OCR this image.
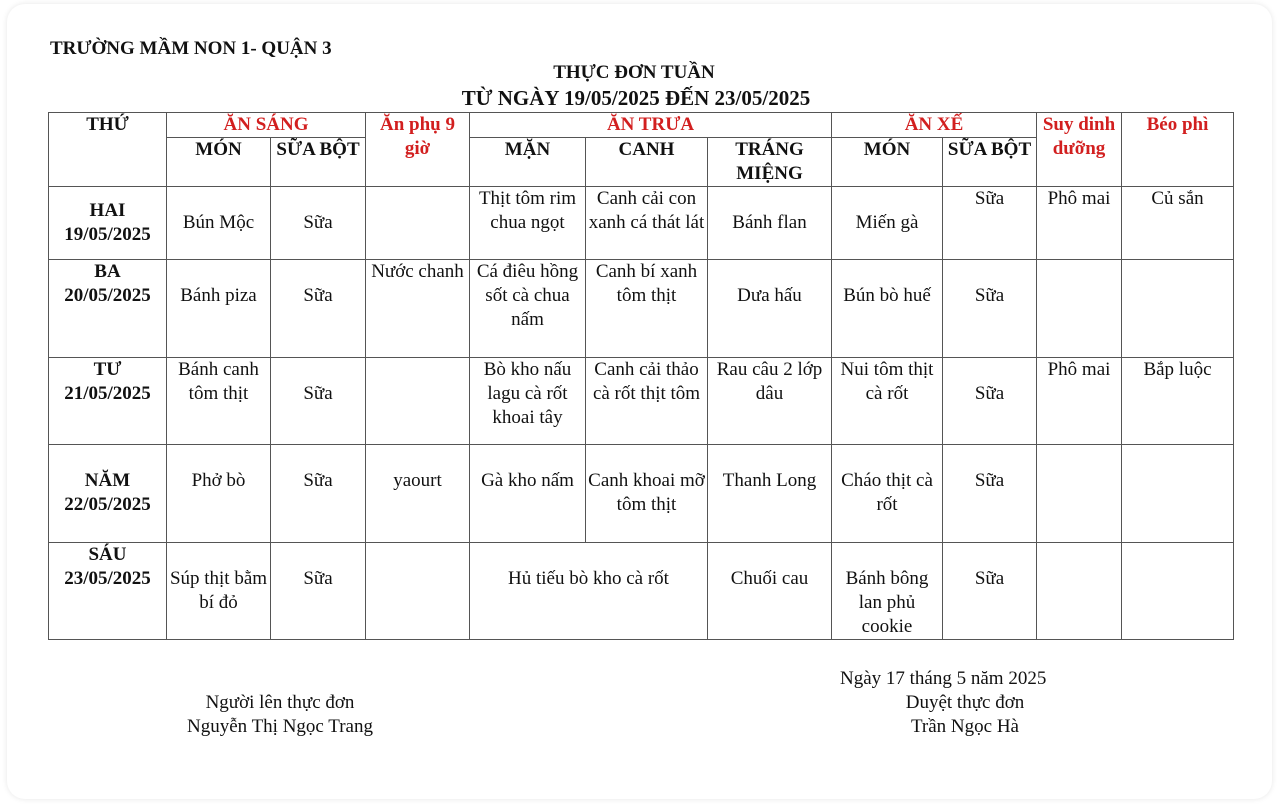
TRƯỜNG MẦM NON 1- QUẬN 3
THỰC ĐƠN TUẦN
TỪ NGÀY 19/05/2025 ĐẾN 23/05/2025
THỨ	ĂN SÁNG		Ăn phụ 9 giờ	ĂN TRƯA			ĂN XẾ		Suy dinh dưỡng	Béo phì
	MÓN	SỮA BỘT		MẶN	CANH	TRÁNG MIỆNG	MÓN	SỮA BỘT		

HAI
19/05/2025	Bún Mộc	Sữa		Thịt tôm rim chua ngọt	Canh cải con xanh cá thát lát	Bánh flan	Miến gà	Sữa	Phô mai	Củ sắn

BA
20/05/2025	Bánh piza	Sữa	Nước chanh	Cá điêu hồng sốt cà chua nấm	Canh bí xanh tôm thịt	Dưa hấu	Bún bò huế	Sữa		

TƯ
21/05/2025	Bánh canh tôm thịt	Sữa		Bò kho nấu lagu cà rốt khoai tây	Canh cải thảo cà rốt thịt tôm	Rau câu 2 lớp dâu	Nui tôm thịt cà rốt	Sữa	Phô mai	Bắp luộc

NĂM
22/05/2025	Phở bò	Sữa	yaourt	Gà kho nấm	Canh khoai mỡ tôm thịt	Thanh Long	Cháo thịt cà rốt	Sữa		

SÁU
23/05/2025	Súp thịt bằm bí đỏ	Sữa		Hủ tiếu bò kho cà rốt		Chuối cau	Bánh bông lan phủ cookie	Sữa		
Ngày 17 tháng 5 năm 2025
Người lên thực đơn
Nguyễn Thị Ngọc Trang
Duyệt thực đơn
Trần Ngọc Hà
